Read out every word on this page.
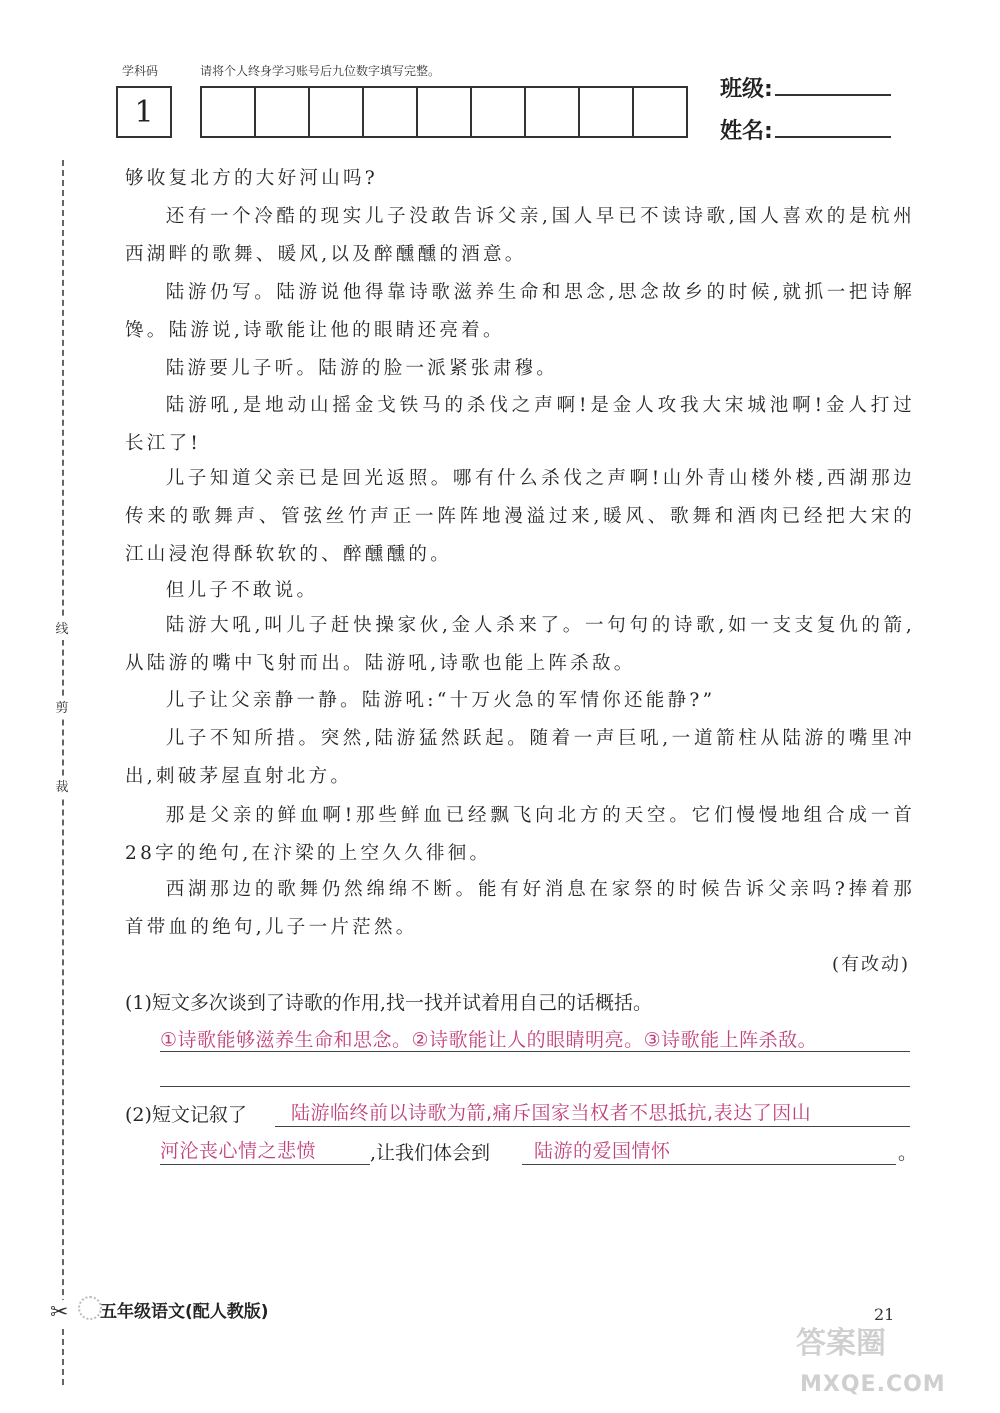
学科码	请将个人终身学习账号后九位数字填写完整。
1
班级:
姓名:
线
剪
裁
✂

够收复北方的大好河山吗?

还有一个冷酷的现实儿子没敢告诉父亲,国人早已不读诗歌,国人喜欢的是杭州西湖畔的歌舞、暖风,以及醉醺醺的酒意。

陆游仍写。陆游说他得靠诗歌滋养生命和思念,思念故乡的时候,就抓一把诗解馋。陆游说,诗歌能让他的眼睛还亮着。

陆游要儿子听。陆游的脸一派紧张肃穆。

陆游吼,是地动山摇金戈铁马的杀伐之声啊!是金人攻我大宋城池啊!金人打过长江了!

儿子知道父亲已是回光返照。哪有什么杀伐之声啊!山外青山楼外楼,西湖那边传来的歌舞声、管弦丝竹声正一阵阵地漫溢过来,暖风、歌舞和酒肉已经把大宋的江山浸泡得酥软软的、醉醺醺的。

但儿子不敢说。

陆游大吼,叫儿子赶快操家伙,金人杀来了。一句句的诗歌,如一支支复仇的箭,从陆游的嘴中飞射而出。陆游吼,诗歌也能上阵杀敌。

儿子让父亲静一静。陆游吼:“十万火急的军情你还能静?”

儿子不知所措。突然,陆游猛然跃起。随着一声巨吼,一道箭柱从陆游的嘴里冲出,刺破茅屋直射北方。

那是父亲的鲜血啊!那些鲜血已经飘飞向北方的天空。它们慢慢地组合成一首28字的绝句,在汴梁的上空久久徘徊。

西湖那边的歌舞仍然绵绵不断。能有好消息在家祭的时候告诉父亲吗?捧着那首带血的绝句,儿子一片茫然。

(有改动)
(1)短文多次谈到了诗歌的作用,找一找并试着用自己的话概括。
①诗歌能够滋养生命和思念。②诗歌能让人的眼睛明亮。③诗歌能上阵杀敌。
(2)短文记叙了	陆游临终前以诗歌为箭,痛斥国家当权者不思抵抗,表达了因山
河沦丧心情之悲愤	,让我们体会到	陆游的爱国情怀	。
五年级语文(配人教版)	21
答案圈
MXQE.COM
